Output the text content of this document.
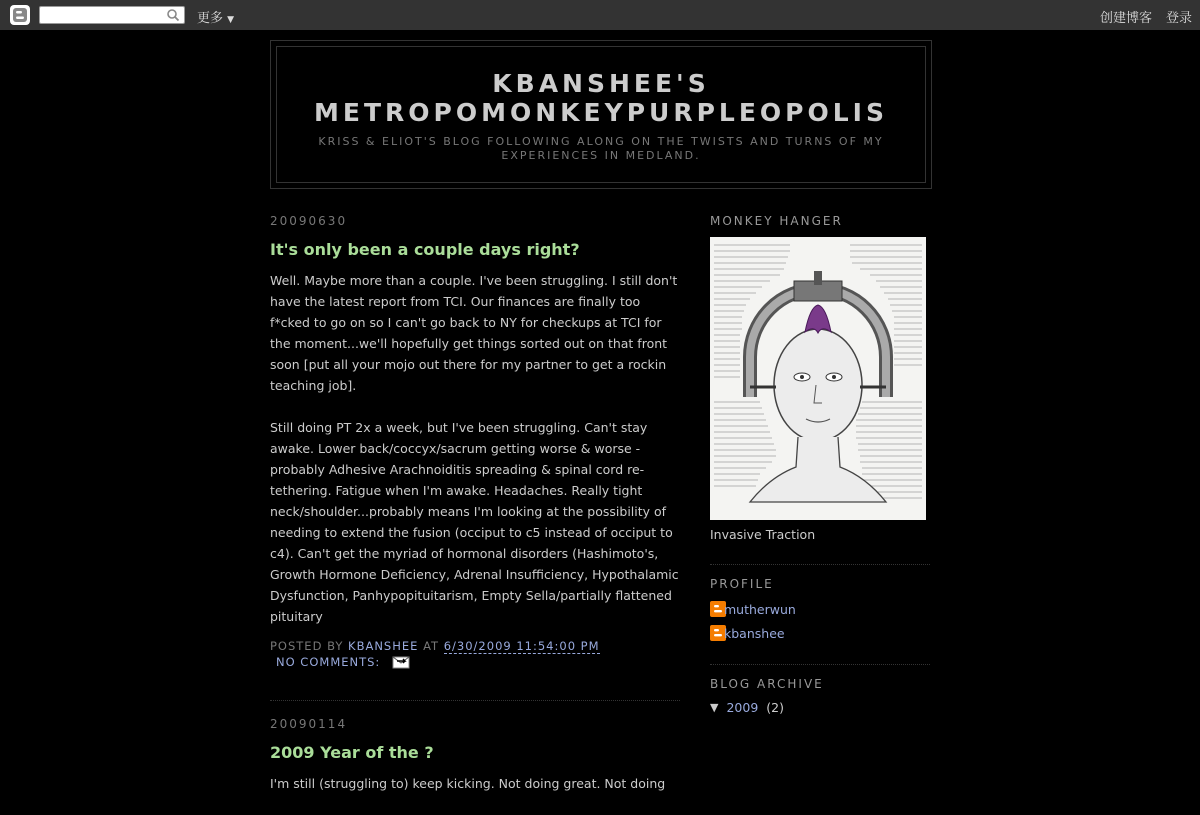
更多 ▼	创建博客 登录
KBANSHEE'S METROPOMONKEYPURPLEOPOLIS
KRISS & ELIOT'S BLOG FOLLOWING ALONG ON THE TWISTS AND TURNS OF MY EXPERIENCES IN MEDLAND.
20090630
It's only been a couple days right?

Well. Maybe more than a couple. I've been struggling. I still don't have the latest report from TCI. Our finances are finally too f*cked to go on so I can't go back to NY for checkups at TCI for the moment...we'll hopefully get things sorted out on that front soon [put all your mojo out there for my partner to get a rockin teaching job].

Still doing PT 2x a week, but I've been struggling. Can't stay awake. Lower back/coccyx/sacrum getting worse & worse - probably Adhesive Arachnoiditis spreading & spinal cord re-tethering. Fatigue when I'm awake. Headaches. Really tight neck/shoulder...probably means I'm looking at the possibility of needing to extend the fusion (occiput to c5 instead of occiput to c4). Can't get the myriad of hormonal disorders (Hashimoto's, Growth Hormone Deficiency, Adrenal Insufficiency, Hypothalamic Dysfunction, Panhypopituitarism, Empty Sella/partially flattened pituitary

POSTED BY KBANSHEE AT 6/30/2009 11:54:00 PM
NO COMMENTS:
20090114
2009 Year of the ?

I'm still (struggling to) keep kicking. Not doing great. Not doing

MONKEY HANGER
Invasive Traction
PROFILE
mutherwun
kbanshee
BLOG ARCHIVE
▼ 2009 (2)
